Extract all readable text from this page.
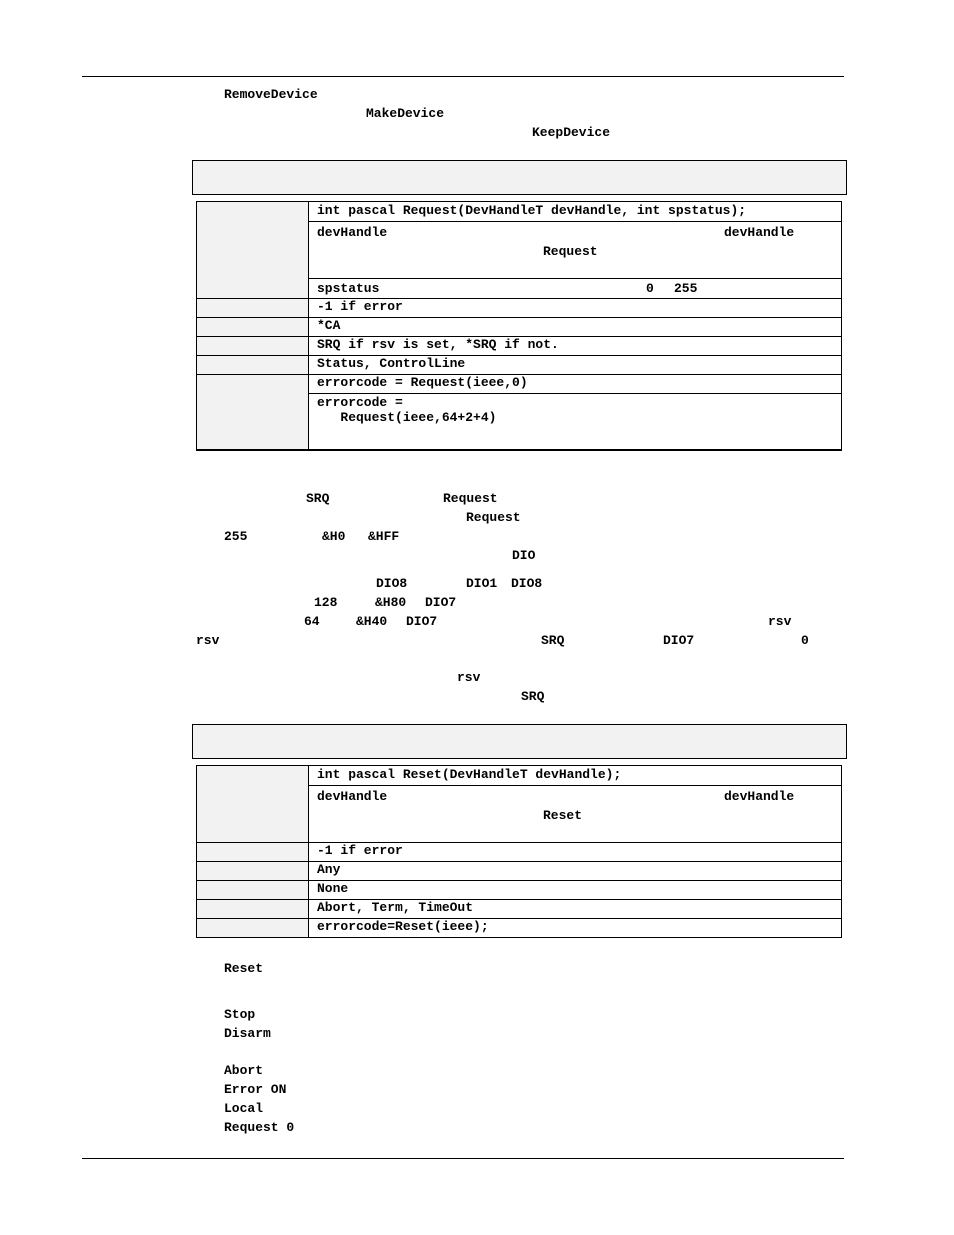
RemoveDevice
MakeDevice
KeepDevice

	int pascal Request(DevHandleT devHandle, int spstatus);

	devHandle devHandle
Request

	spstatus 0 255

	-1 if error

	*CA

	SRQ if rsv is set, *SRQ if not.

	Status, ControlLine

	errorcode = Request(ieee,0)

	errorcode =
Request(ieee,64+2+4)
SRQ	Request
Request
255	&H0 &HFF
DIO
DIO8	DIO1 DIO8
128	&H80 DIO7
64	&H40 DIO7	rsv
rsv	SRQ	DIO7	0
rsv
SRQ

	int pascal Reset(DevHandleT devHandle);

	devHandle devHandle
Reset

	-1 if error

	Any

	None

	Abort, Term, TimeOut

	errorcode=Reset(ieee);
Reset
Stop
Disarm
Abort
Error ON
Local
Request 0
